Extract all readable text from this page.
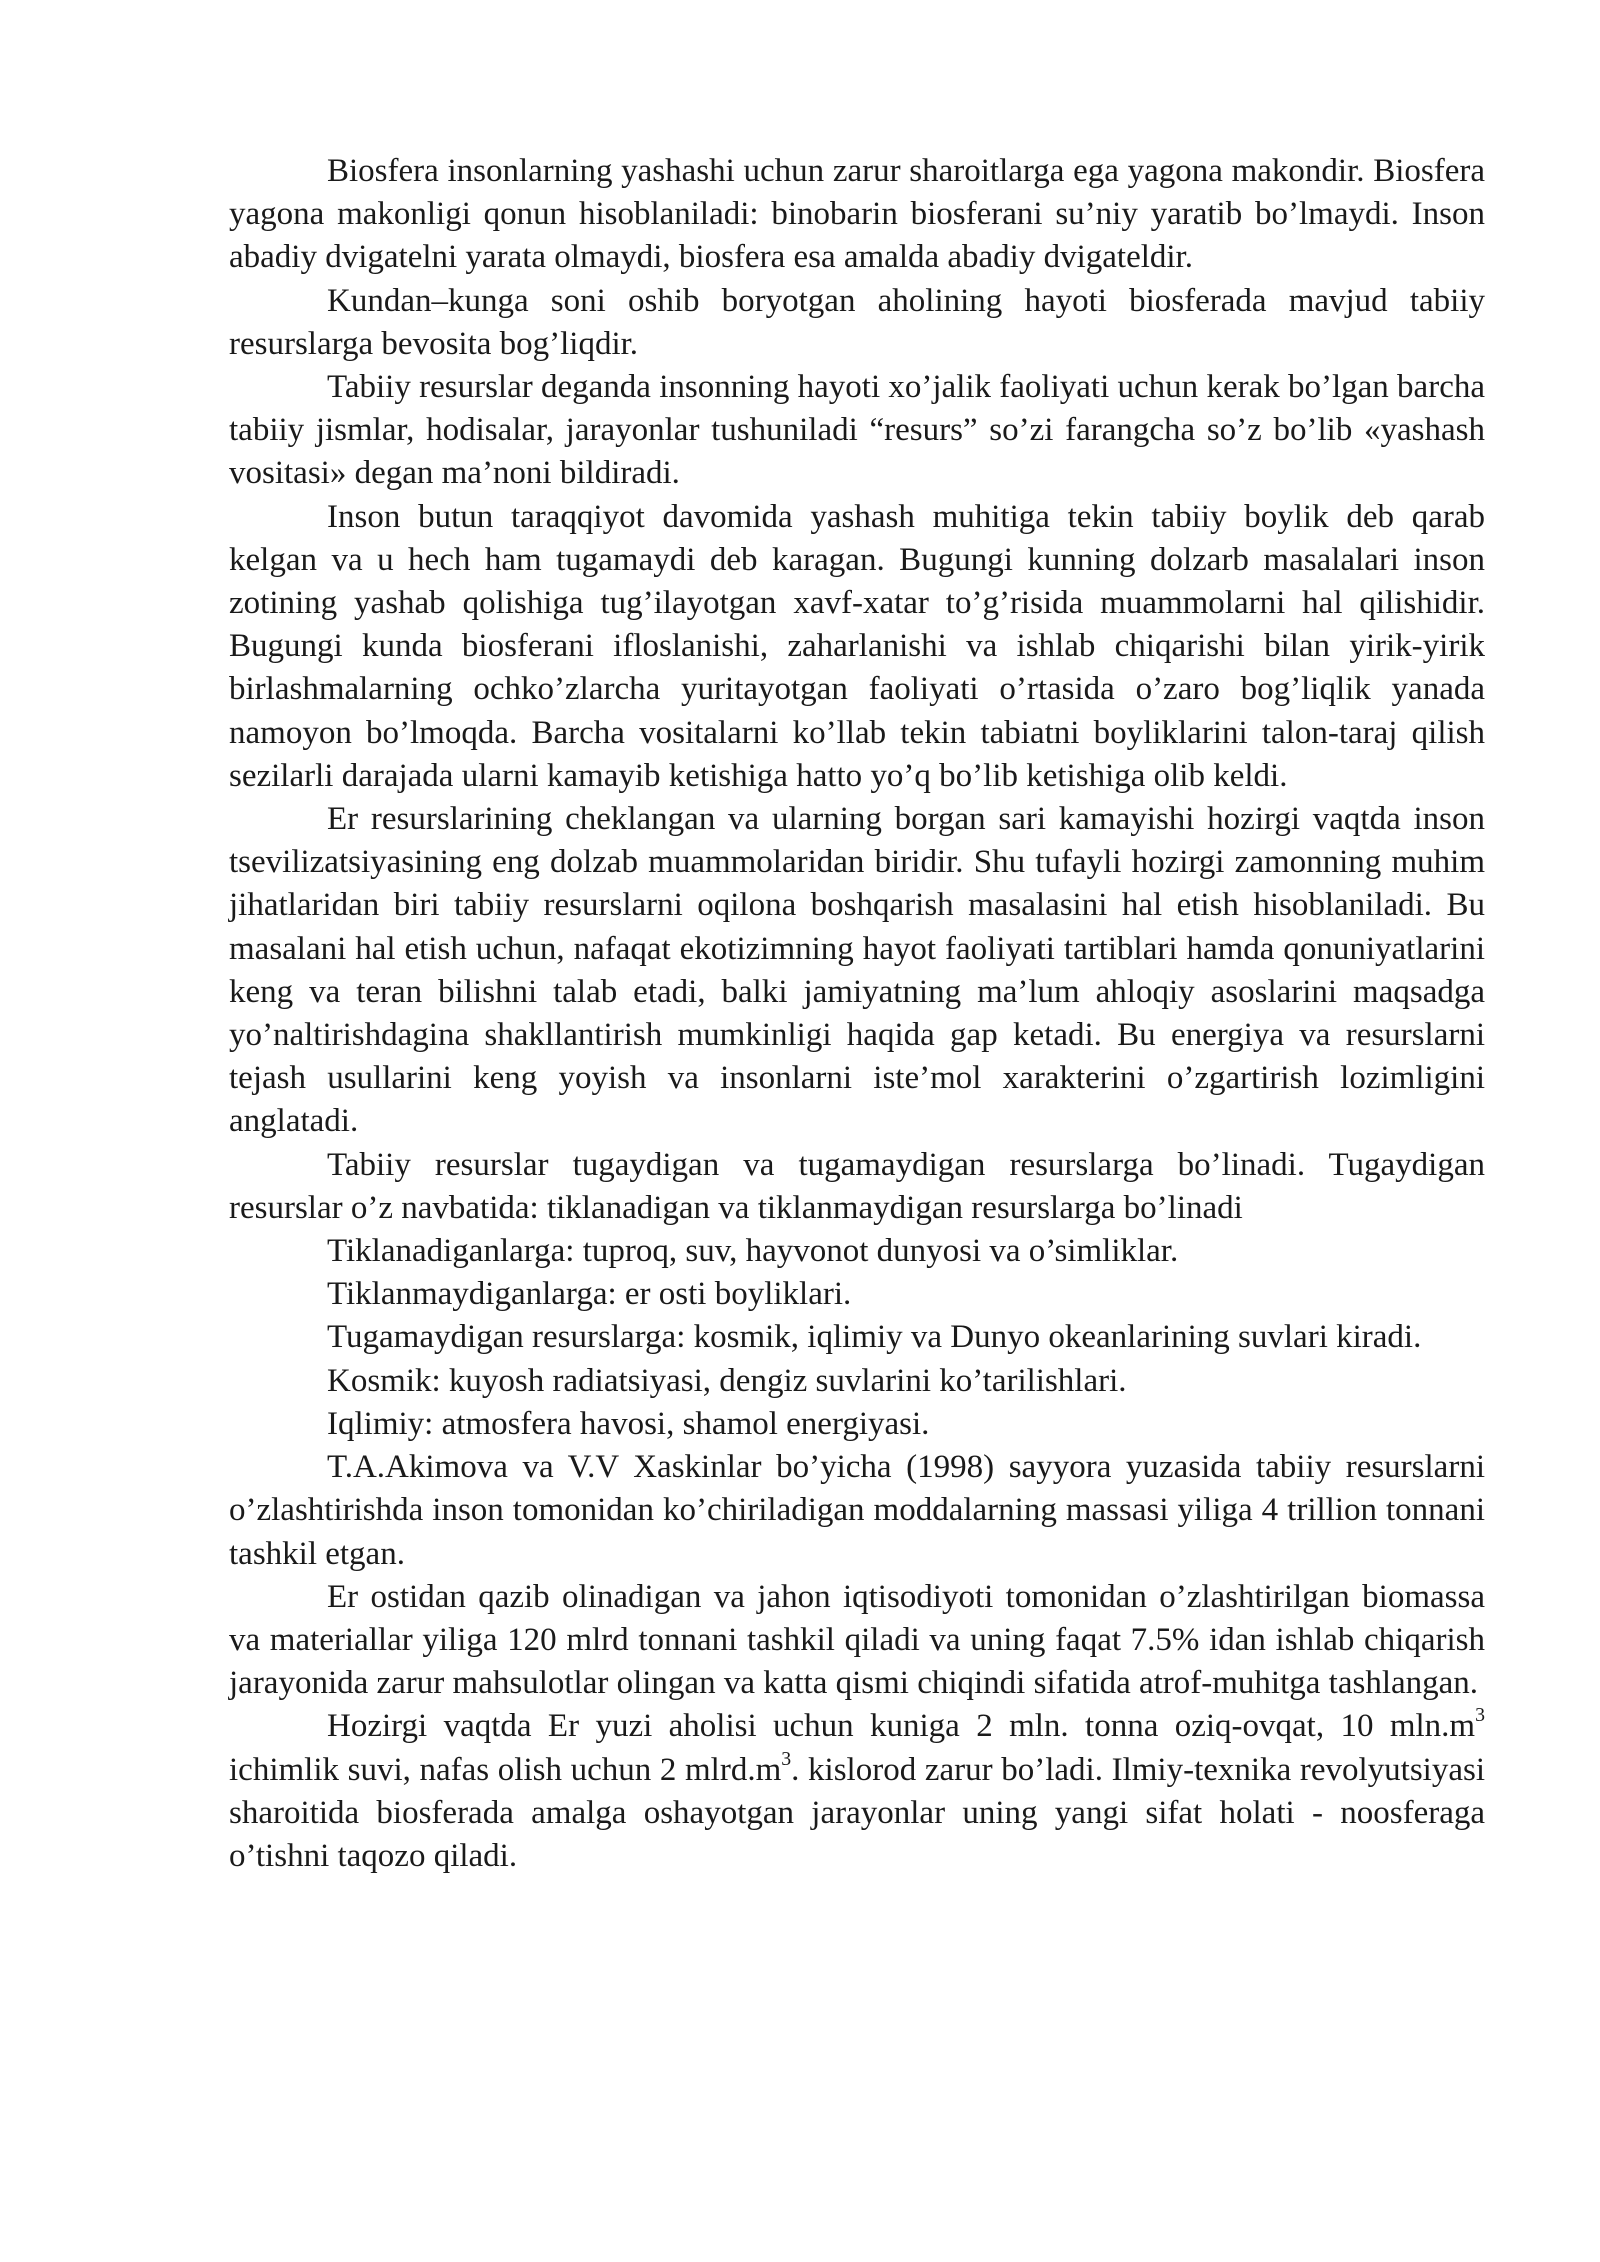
Biosfera insonlarning yashashi uchun zarur sharoitlarga ega yagona makondir. Biosfera yagona makonligi qonun hisoblaniladi: binobarin biosferani su’niy yaratib bo’lmaydi. Inson abadiy dvigatelni yarata olmaydi, biosfera esa amalda abadiy dvigateldir.

Kundan–kunga soni oshib boryotgan aholining hayoti biosferada mavjud tabiiy resurslarga bevosita bog’liqdir.

Tabiiy resurslar deganda insonning hayoti xo’jalik faoliyati uchun kerak bo’lgan barcha tabiiy jismlar, hodisalar, jarayonlar tushuniladi “resurs” so’zi farangcha so’z bo’lib «yashash vositasi» degan ma’noni bildiradi.

Inson butun taraqqiyot davomida yashash muhitiga tekin tabiiy boylik deb qarab kelgan va u hech ham tugamaydi deb karagan. Bugungi kunning dolzarb masalalari inson zotining yashab qolishiga tug’ilayotgan xavf-xatar to’g’risida muammolarni hal qilishidir. Bugungi kunda biosferani ifloslanishi, zaharlanishi va ishlab chiqarishi bilan yirik-yirik birlashmalarning ochko’zlarcha yuritayotgan faoliyati o’rtasida o’zaro bog’liqlik yanada namoyon bo’lmoqda. Barcha vositalarni ko’llab tekin tabiatni boyliklarini talon-taraj qilish sezilarli darajada ularni kamayib ketishiga hatto yo’q bo’lib ketishiga olib keldi.

Er resurslarining cheklangan va ularning borgan sari kamayishi hozirgi vaqtda inson tsevilizatsiyasining eng dolzab muammolaridan biridir. Shu tufayli hozirgi zamonning muhim jihatlaridan biri tabiiy resurslarni oqilona boshqarish masalasini hal etish hisoblaniladi. Bu masalani hal etish uchun, nafaqat ekotizimning hayot faoliyati tartiblari hamda qonuniyatlarini keng va teran bilishni talab etadi, balki jamiyatning ma’lum ahloqiy asoslarini maqsadga yo’naltirishdagina shakllantirish mumkinligi haqida gap ketadi. Bu energiya va resurslarni tejash usullarini keng yoyish va insonlarni iste’mol xarakterini o’zgartirish lozimligini anglatadi.

Tabiiy resurslar tugaydigan va tugamaydigan resurslarga bo’linadi. Tugaydigan resurslar o’z navbatida: tiklanadigan va tiklanmaydigan resurslarga bo’linadi

Tiklanadiganlarga: tuproq, suv, hayvonot dunyosi va o’simliklar.

Tiklanmaydiganlarga: er osti boyliklari.

Tugamaydigan resurslarga: kosmik, iqlimiy va Dunyo okeanlarining suvlari kiradi.

Kosmik: kuyosh radiatsiyasi, dengiz suvlarini ko’tarilishlari.

Iqlimiy: atmosfera havosi, shamol energiyasi.

T.A.Akimova va V.V Xaskinlar bo’yicha (1998) sayyora yuzasida tabiiy resurslarni o’zlashtirishda inson tomonidan ko’chiriladigan moddalarning massasi yiliga 4 trillion tonnani tashkil etgan.

Er ostidan qazib olinadigan va jahon iqtisodiyoti tomonidan o’zlashtirilgan biomassa va materiallar yiliga 120 mlrd tonnani tashkil qiladi va uning faqat 7.5% idan ishlab chiqarish jarayonida zarur mahsulotlar olingan va katta qismi chiqindi sifatida atrof-muhitga tashlangan.

Hozirgi vaqtda Er yuzi aholisi uchun kuniga 2 mln. tonna oziq-ovqat, 10 $mln.m^3$ ichimlik suvi, nafas olish uchun 2 $mlrd.m^3$. kislorod zarur bo’ladi. Ilmiy-texnika revolyutsiyasi sharoitida biosferada amalga oshayotgan jarayonlar uning yangi sifat holati - noosferaga o’tishni taqozo qiladi.
